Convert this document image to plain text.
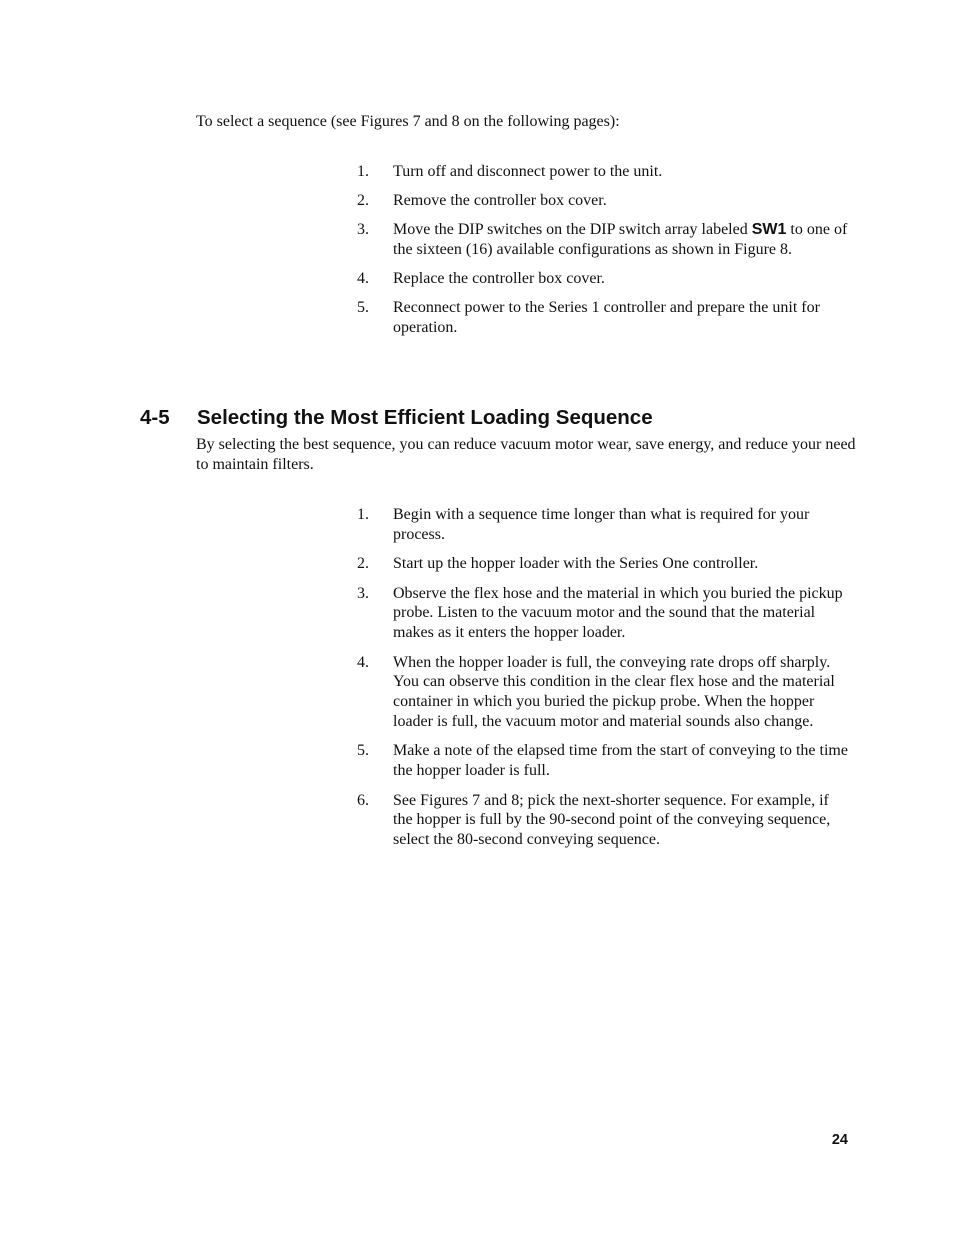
To select a sequence (see Figures 7 and 8 on the following pages):

1. Turn off and disconnect power to the unit.
2. Remove the controller box cover.
3. Move the DIP switches on the DIP switch array labeled SW1 to one of the sixteen (16) available configurations as shown in Figure 8.
4. Replace the controller box cover.
5. Reconnect power to the Series 1 controller and prepare the unit for operation.
4-5 Selecting the Most Efficient Loading Sequence

By selecting the best sequence, you can reduce vacuum motor wear, save energy, and reduce your need to maintain filters.

1. Begin with a sequence time longer than what is required for your process.
2. Start up the hopper loader with the Series One controller.
3. Observe the flex hose and the material in which you buried the pickup probe. Listen to the vacuum motor and the sound that the material makes as it enters the hopper loader.
4. When the hopper loader is full, the conveying rate drops off sharply. You can observe this condition in the clear flex hose and the material container in which you buried the pickup probe. When the hopper loader is full, the vacuum motor and material sounds also change.
5. Make a note of the elapsed time from the start of conveying to the time the hopper loader is full.
6. See Figures 7 and 8; pick the next-shorter sequence. For example, if the hopper is full by the 90-second point of the conveying sequence, select the 80-second conveying sequence.
24
